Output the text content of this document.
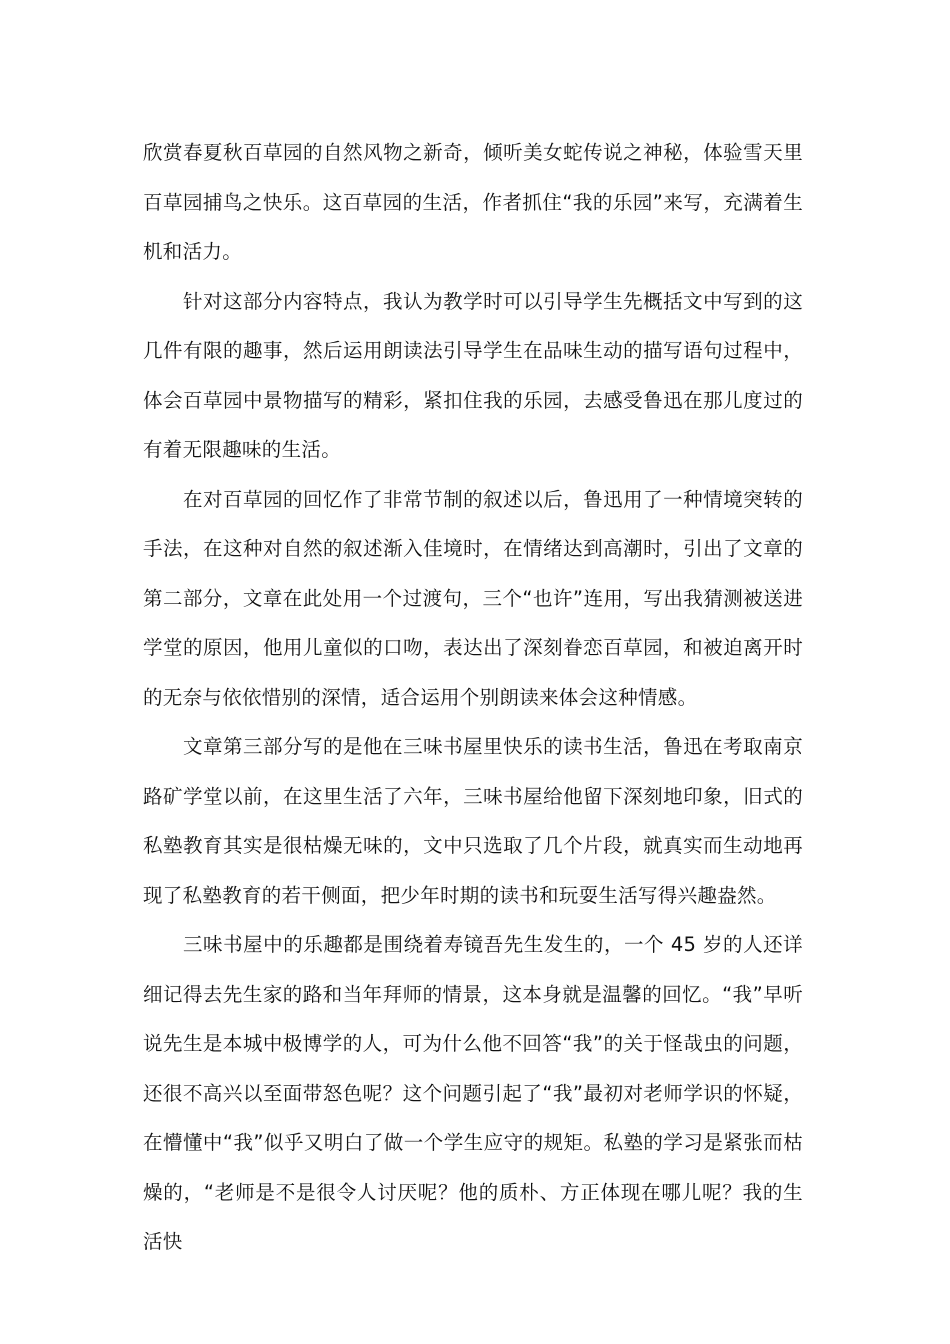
欣赏春夏秋百草园的自然风物之新奇，倾听美女蛇传说之神秘，体验雪天里百草园捕鸟之快乐。这百草园的生活，作者抓住“我的乐园”来写，充满着生机和活力。

针对这部分内容特点，我认为教学时可以引导学生先概括文中写到的这几件有限的趣事，然后运用朗读法引导学生在品味生动的描写语句过程中，体会百草园中景物描写的精彩，紧扣住我的乐园，去感受鲁迅在那儿度过的有着无限趣味的生活。

在对百草园的回忆作了非常节制的叙述以后，鲁迅用了一种情境突转的手法，在这种对自然的叙述渐入佳境时，在情绪达到高潮时，引出了文章的第二部分，文章在此处用一个过渡句，三个“也许”连用，写出我猜测被送进学堂的原因，他用儿童似的口吻，表达出了深刻眷恋百草园，和被迫离开时的无奈与依依惜别的深情，适合运用个别朗读来体会这种情感。

文章第三部分写的是他在三味书屋里快乐的读书生活，鲁迅在考取南京路矿学堂以前，在这里生活了六年，三味书屋给他留下深刻地印象，旧式的私塾教育其实是很枯燥无味的，文中只选取了几个片段，就真实而生动地再现了私塾教育的若干侧面，把少年时期的读书和玩耍生活写得兴趣盎然。

三味书屋中的乐趣都是围绕着寿镜吾先生发生的，一个 45 岁的人还详细记得去先生家的路和当年拜师的情景，这本身就是温馨的回忆。“我”早听说先生是本城中极博学的人，可为什么他不回答“我”的关于怪哉虫的问题，还很不高兴以至面带怒色呢？这个问题引起了“我”最初对老师学识的怀疑，在懵懂中“我”似乎又明白了做一个学生应守的规矩。私塾的学习是紧张而枯燥的，“老师是不是很令人讨厌呢？他的质朴、方正体现在哪儿呢？我的生活快
